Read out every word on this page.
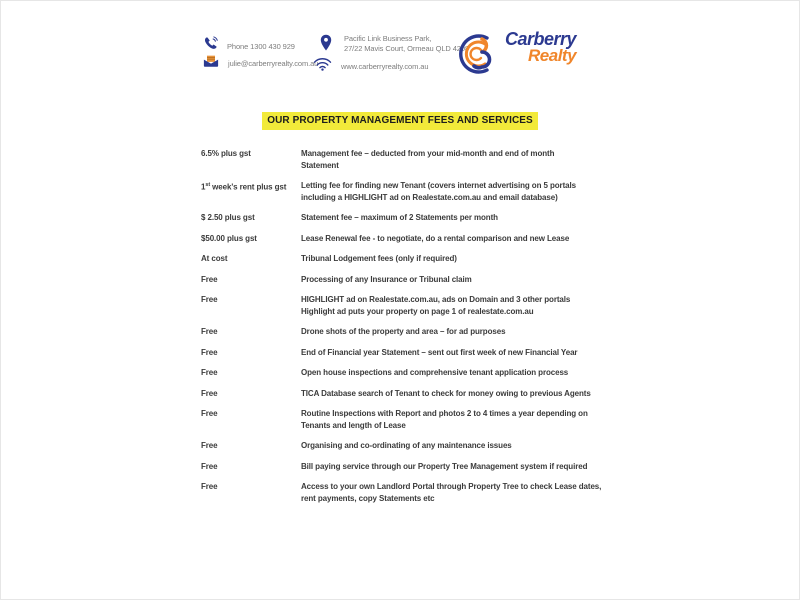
Phone 1300 430 929
julie@carberryrealty.com.au
Pacific Link Business Park,
27/22 Mavis Court, Ormeau QLD 4208
www.carberryrealty.com.au
Carberry
Realty
OUR PROPERTY MANAGEMENT FEES AND SERVICES
6.5% plus gst	Management fee – deducted from your mid-month and end of month
Statement
1st week's rent plus gst	Letting fee for finding new Tenant (covers internet advertising on 5 portals
including a HIGHLIGHT ad on Realestate.com.au and email database)
$ 2.50 plus gst	Statement fee – maximum of 2 Statements per month
$50.00 plus gst	Lease Renewal fee - to negotiate, do a rental comparison and new Lease
At cost	Tribunal Lodgement fees (only if required)
Free	Processing of any Insurance or Tribunal claim
Free	HIGHLIGHT ad on Realestate.com.au, ads on Domain and 3 other portals
Highlight ad puts your property on page 1 of realestate.com.au
Free	Drone shots of the property and area – for ad purposes
Free	End of Financial year Statement – sent out first week of new Financial Year
Free	Open house inspections and comprehensive tenant application process
Free	TICA Database search of Tenant to check for money owing to previous Agents
Free	Routine Inspections with Report and photos 2 to 4 times a year depending on
Tenants and length of Lease
Free	Organising and co-ordinating of any maintenance issues
Free	Bill paying service through our Property Tree Management system if required
Free	Access to your own Landlord Portal through Property Tree to check Lease dates,
rent payments, copy Statements etc
